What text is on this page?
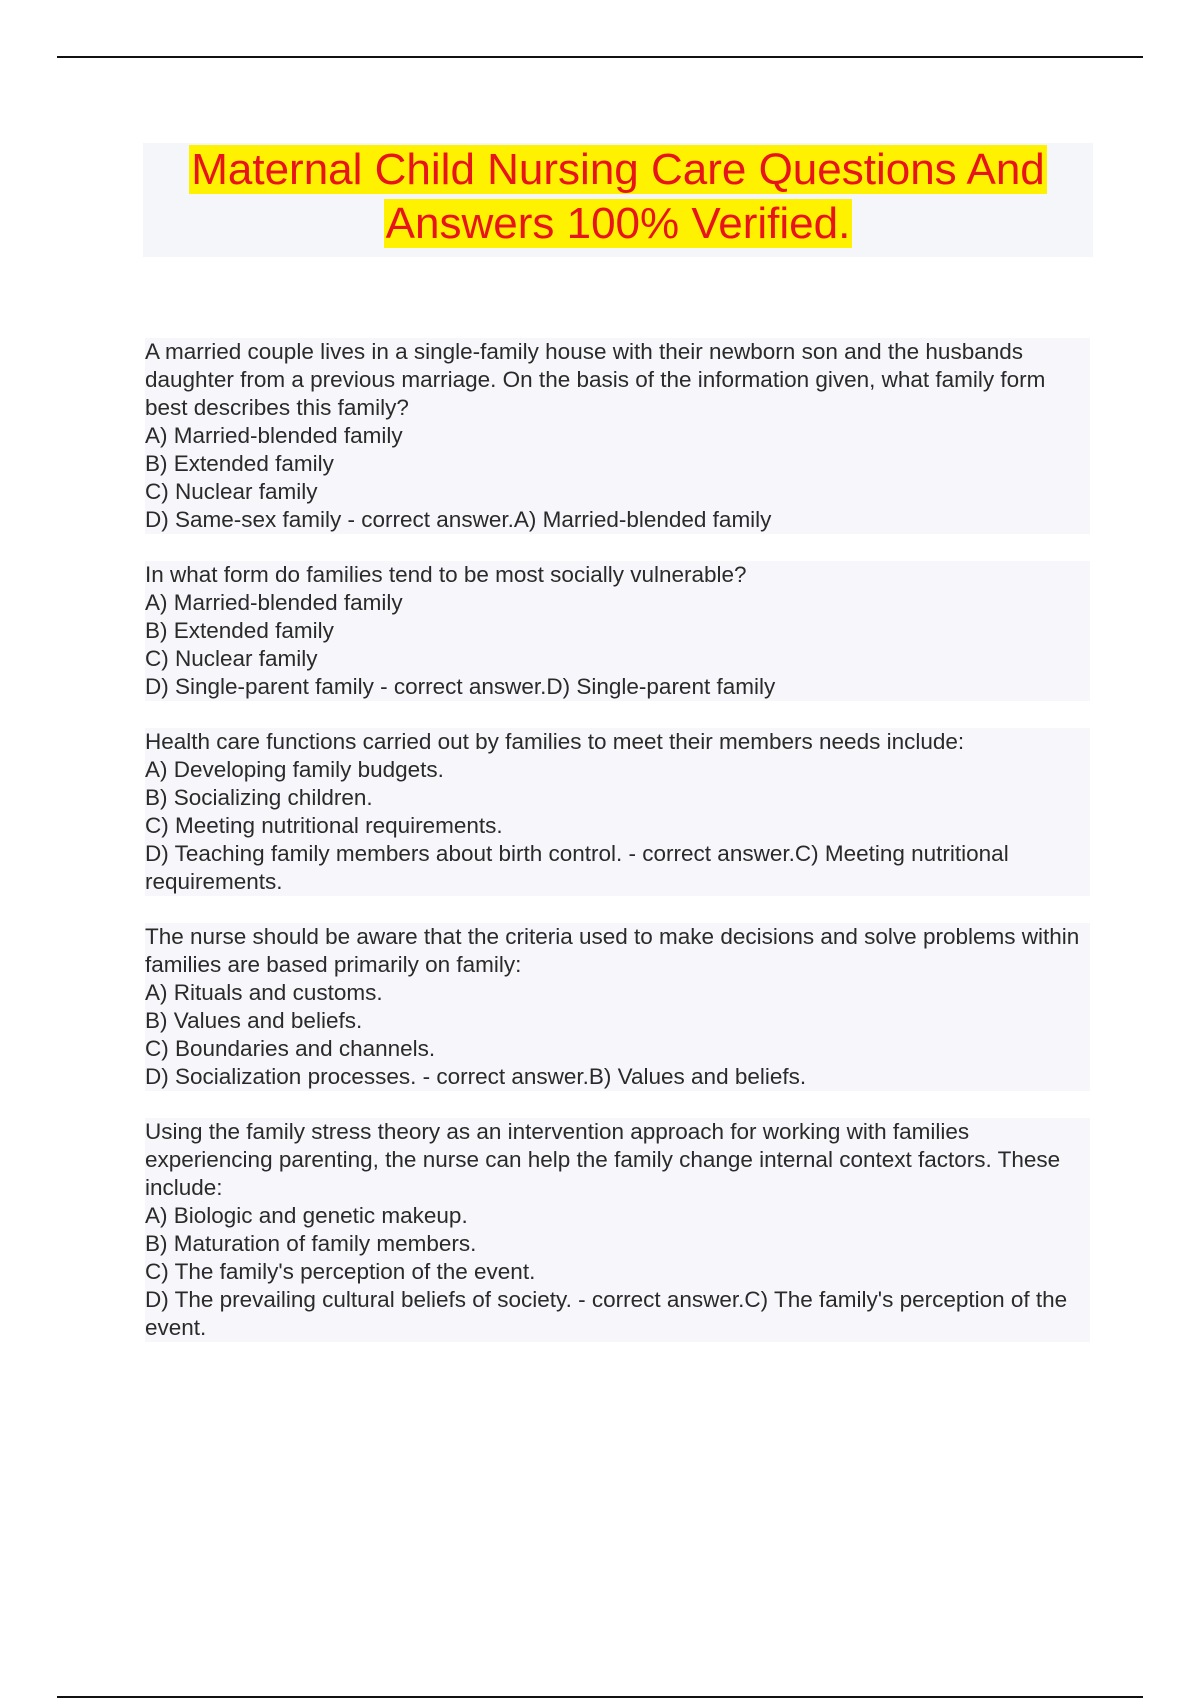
Maternal Child Nursing Care Questions And

Answers 100% Verified.

A married couple lives in a single-family house with their newborn son and the husbands daughter from a previous marriage. On the basis of the information given, what family form best describes this family?
A) Married-blended family
B) Extended family
C) Nuclear family
D) Same-sex family - correct answer.A) Married-blended family
In what form do families tend to be most socially vulnerable?
A) Married-blended family
B) Extended family
C) Nuclear family
D) Single-parent family - correct answer.D) Single-parent family
Health care functions carried out by families to meet their members needs include:
A) Developing family budgets.
B) Socializing children.
C) Meeting nutritional requirements.
D) Teaching family members about birth control. - correct answer.C) Meeting nutritional requirements.
The nurse should be aware that the criteria used to make decisions and solve problems within families are based primarily on family:
A) Rituals and customs.
B) Values and beliefs.
C) Boundaries and channels.
D) Socialization processes. - correct answer.B) Values and beliefs.
Using the family stress theory as an intervention approach for working with families experiencing parenting, the nurse can help the family change internal context factors. These include:
A) Biologic and genetic makeup.
B) Maturation of family members.
C) The family's perception of the event.
D) The prevailing cultural beliefs of society. - correct answer.C) The family's perception of the event.
